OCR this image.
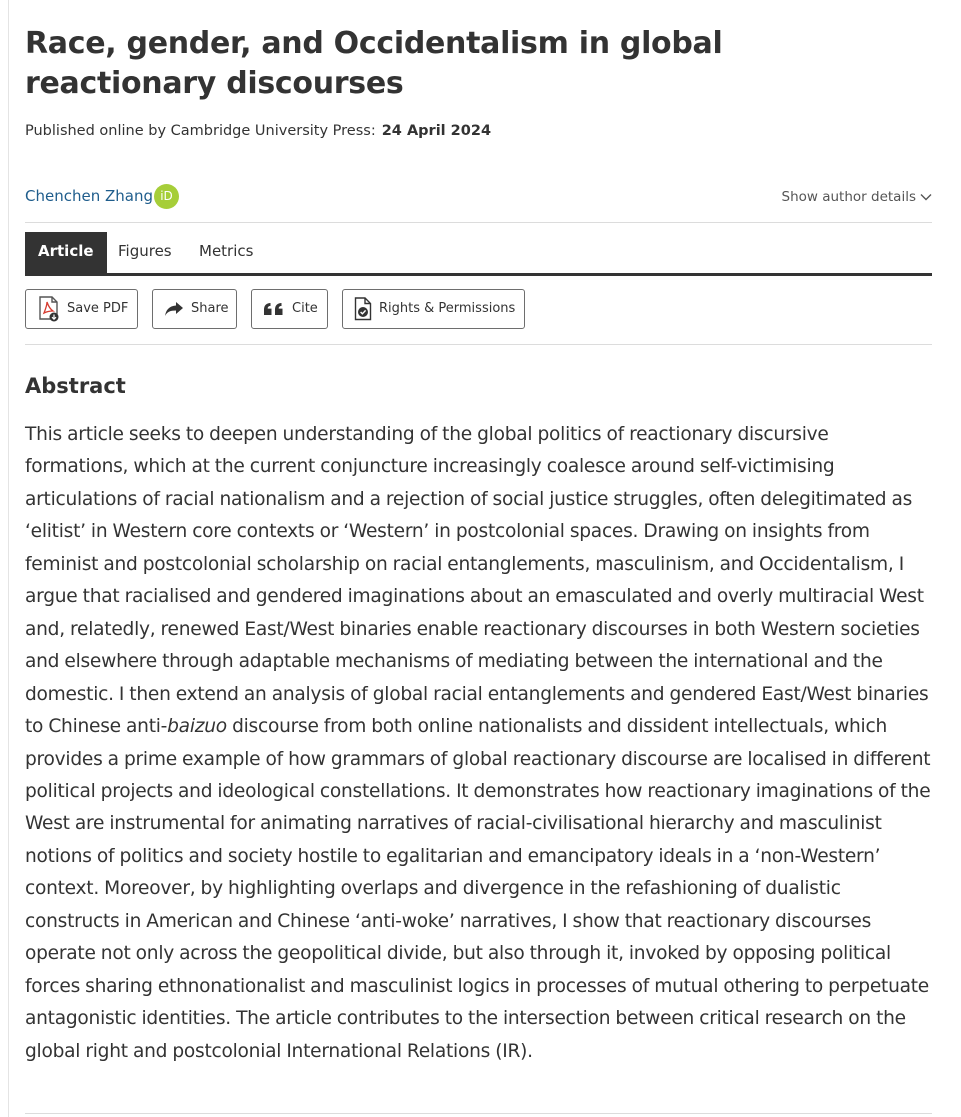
Race, gender, and Occidentalism in global reactionary discourses
Published online by Cambridge University Press: 24 April 2024
Chenchen Zhang iD	Show author details
Article	Figures Metrics
Save PDF	Share	Cite	Rights & Permissions
Abstract

This article seeks to deepen understanding of the global politics of reactionary discursive formations, which at the current conjuncture increasingly coalesce around self-victimising articulations of racial nationalism and a rejection of social justice struggles, often delegitimated as ‘elitist’ in Western core contexts or ‘Western’ in postcolonial spaces. Drawing on insights from feminist and postcolonial scholarship on racial entanglements, masculinism, and Occidentalism, I argue that racialised and gendered imaginations about an emasculated and overly multiracial West and, relatedly, renewed East/West binaries enable reactionary discourses in both Western societies and elsewhere through adaptable mechanisms of mediating between the international and the domestic. I then extend an analysis of global racial entanglements and gendered East/West binaries to Chinese anti-baizuo discourse from both online nationalists and dissident intellectuals, which provides a prime example of how grammars of global reactionary discourse are localised in different political projects and ideological constellations. It demonstrates how reactionary imaginations of the West are instrumental for animating narratives of racial-civilisational hierarchy and masculinist notions of politics and society hostile to egalitarian and emancipatory ideals in a ‘non-Western’ context. Moreover, by highlighting overlaps and divergence in the refashioning of dualistic constructs in American and Chinese ‘anti-woke’ narratives, I show that reactionary discourses operate not only across the geopolitical divide, but also through it, invoked by opposing political forces sharing ethnonationalist and masculinist logics in processes of mutual othering to perpetuate antagonistic identities. The article contributes to the intersection between critical research on the global right and postcolonial International Relations (IR).
